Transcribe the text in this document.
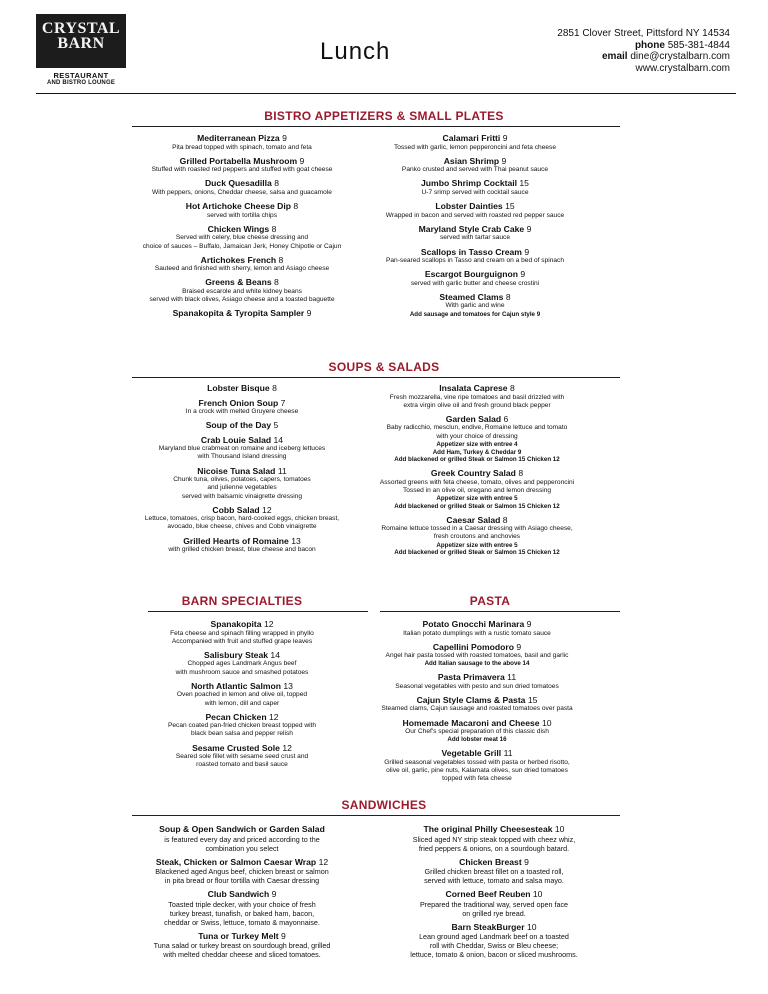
CRYSTAL
BARN
RESTAURANT
AND BISTRO LOUNGE
Lunch
2851 Clover Street, Pittsford NY 14534
phone 585-381-4844
email dine@crystalbarn.com
www.crystalbarn.com
BISTRO APPETIZERS & SMALL PLATES
Mediterranean Pizza 9
Pita bread topped with spinach, tomato and feta
Grilled Portabella Mushroom 9
Stuffed with roasted red peppers and stuffed with goat cheese
Duck Quesadilla 8
With peppers, onions, Cheddar cheese, salsa and guacamole
Hot Artichoke Cheese Dip 8
served with tortilla chips
Chicken Wings 8
Served with celery, blue cheese dressing and
choice of sauces – Buffalo, Jamaican Jerk, Honey Chipotle or Cajun
Artichokes French 8
Sauteed and finished with sherry, lemon and Asiago cheese
Greens & Beans 8
Braised escarole and white kidney beans
served with black olives, Asiago cheese and a toasted baguette
Spanakopita & Tyropita Sampler 9
Calamari Fritti 9
Tossed with garlic, lemon pepperoncini and feta cheese
Asian Shrimp 9
Panko crusted and served with Thai peanut sauce
Jumbo Shrimp Cocktail 15
U-7 srimp served with cocktail sauce
Lobster Dainties 15
Wrapped in bacon and served with roasted red pepper sauce
Maryland Style Crab Cake 9
served with tartar sauce
Scallops in Tasso Cream 9
Pan-seared scallops in Tasso and cream on a bed of spinach
Escargot Bourguignon 9
served with garlic butter and cheese crostini
Steamed Clams 8
With garlic and wine
Add sausage and tomatoes for Cajun style 9
SOUPS & SALADS
Lobster Bisque 8
French Onion Soup 7
In a crock with melted Gruyere cheese
Soup of the Day 5
Crab Louie Salad 14
Maryland blue crabmeat on romaine and iceberg lettuces
with Thousand Island dressing
Nicoise Tuna Salad 11
Chunk tuna, olives, potatoes, capers, tomatoes
and julienne vegetables
served with balsamic vinaigrette dressing
Cobb Salad 12
Lettuce, tomatoes, crisp bacon, hard-cooked eggs, chicken breast,
avocado, blue cheese, chives and Cobb vinaigrette
Grilled Hearts of Romaine 13
with grilled chicken breast, blue cheese and bacon
Insalata Caprese 8
Fresh mozzarella, vine ripe tomatoes and basil drizzled with
extra virgin olive oil and fresh ground black pepper
Garden Salad 6
Baby radicchio, mesclun, endive, Romaine lettuce and tomato
with your choice of dressing
Appetizer size with entree 4
Add Ham, Turkey & Cheddar 9
Add blackened or grilled Steak or Salmon 15 Chicken 12
Greek Country Salad 8
Assorted greens with feta cheese, tomato, olives and pepperoncini
Tossed in an olive oil, oregano and lemon dressing
Appetizer size with entree 5
Add blackened or grilled Steak or Salmon 15 Chicken 12
Caesar Salad 8
Romaine lettuce tossed in a Caesar dressing with Asiago cheese,
fresh croutons and anchovies
Appetizer size with entree 5
Add blackened or grilled Steak or Salmon 15 Chicken 12
BARN SPECIALTIES
Spanakopita 12
Feta cheese and spinach filling wrapped in phyllo
Accompanied with fruit and stuffed grape leaves
Salisbury Steak 14
Chopped ages Landmark Angus beef
with mushroom sauce and smashed potatoes
North Atlantic Salmon 13
Oven poached in lemon and olive oil, topped
with lemon, dill and caper
Pecan Chicken 12
Pecan coated pan-fried chicken breast topped with
black bean salsa and pepper relish
Sesame Crusted Sole 12
Seared sole fillet with sesame seed crust and
roasted tomato and basil sauce
PASTA
Potato Gnocchi Marinara 9
Italian potato dumplings with a rustic tomato sauce
Capellini Pomodoro 9
Angel hair pasta tossed with roasted tomatoes, basil and garlic
Add Italian sausage to the above 14
Pasta Primavera 11
Seasonal vegetables with pesto and sun dried tomatoes
Cajun Style Clams & Pasta 15
Steamed clams, Cajun sausage and roasted tomatoes over pasta
Homemade Macaroni and Cheese 10
Our Chef's special preparation of this classic dish
Add lobster meat 16
Vegetable Grill 11
Grilled seasonal vegetables tossed with pasta or herbed risotto,
olive oil, garlic, pine nuts, Kalamata olives, sun dried tomatoes
topped with feta cheese
SANDWICHES
Soup & Open Sandwich or Garden Salad
is featured every day and priced according to the
combination you select
Steak, Chicken or Salmon Caesar Wrap 12
Blackened aged Angus beef, chicken breast or salmon
in pita bread or flour tortilla with Caesar dressing
Club Sandwich 9
Toasted triple decker, with your choice of fresh
turkey breast, tunafish, or baked ham, bacon,
cheddar or Swiss, lettuce, tomato & mayonnaise.
Tuna or Turkey Melt 9
Tuna salad or turkey breast on sourdough bread, grilled
with melted cheddar cheese and sliced tomatoes.
The original Philly Cheesesteak 10
Sliced aged NY strip steak topped with cheez whiz,
fried peppers & onions, on a sourdough batard.
Chicken Breast 9
Grilled chicken breast fillet on a toasted roll,
served with lettuce, tomato and salsa mayo.
Corned Beef Reuben 10
Prepared the traditional way, served open face
on grilled rye bread.
Barn SteakBurger 10
Lean ground aged Landmark beef on a toasted
roll with Cheddar, Swiss or Bleu cheese;
lettuce, tomato & onion, bacon or sliced mushrooms.
